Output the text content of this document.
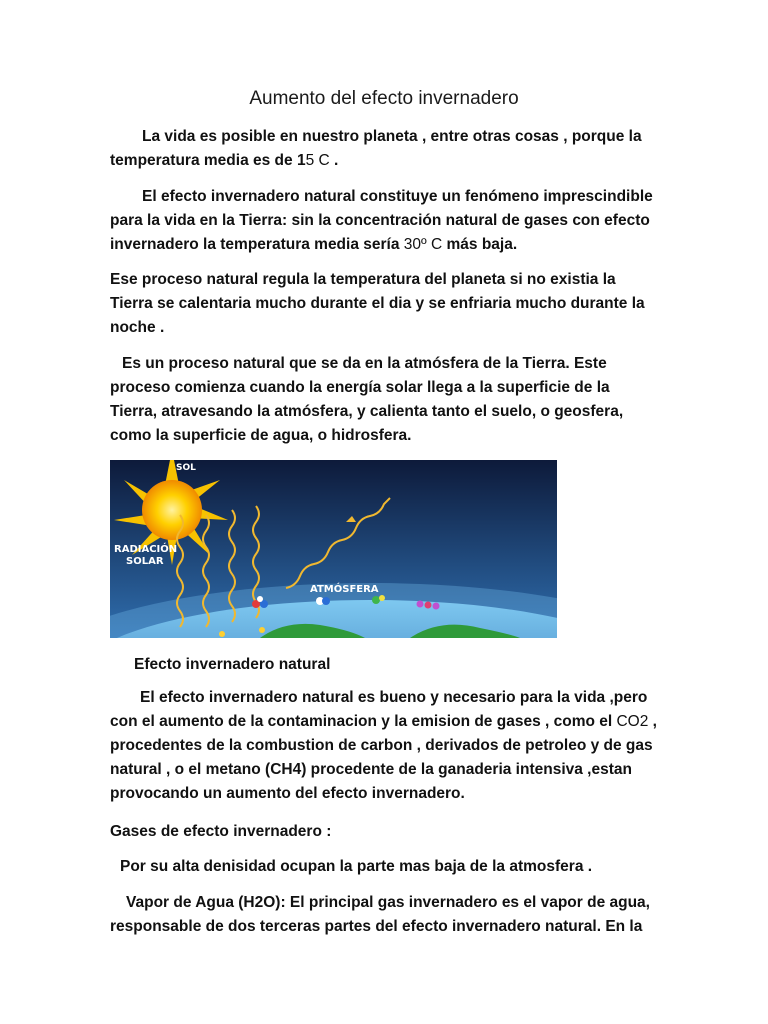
Aumento del efecto invernadero

La vida es posible en nuestro planeta , entre otras cosas , porque la temperatura media es de 15 C .

El efecto invernadero natural constituye un fenómeno imprescindible para la vida en la Tierra: sin la concentración natural de gases con efecto invernadero la temperatura media sería 30º C más baja.

Ese proceso natural regula la temperatura del planeta si no existia la Tierra se calentaria mucho durante el dia y se enfriaria mucho durante la noche .

Es un proceso natural que se da en la atmósfera de la Tierra. Este proceso comienza cuando la energía solar llega a la superficie de la Tierra, atravesando la atmósfera, y calienta tanto el suelo, o geosfera, como la superficie de agua, o hidrosfera.

SOL
RADIACIÓN
SOLAR
ATMÓSFERA

Efecto invernadero natural

El efecto invernadero natural es bueno y necesario para la vida ,pero con el aumento de la contaminacion y la emision de gases , como el CO2 , procedentes de la combustion de carbon , derivados de petroleo y de gas natural , o el metano (CH4) procedente de la ganaderia intensiva ,estan provocando un aumento del efecto invernadero.

Gases de efecto invernadero :

Por su alta denisidad ocupan la parte mas baja de la atmosfera .

Vapor de Agua (H2O): El principal gas invernadero es el vapor de agua, responsable de dos terceras partes del efecto invernadero natural. En la
